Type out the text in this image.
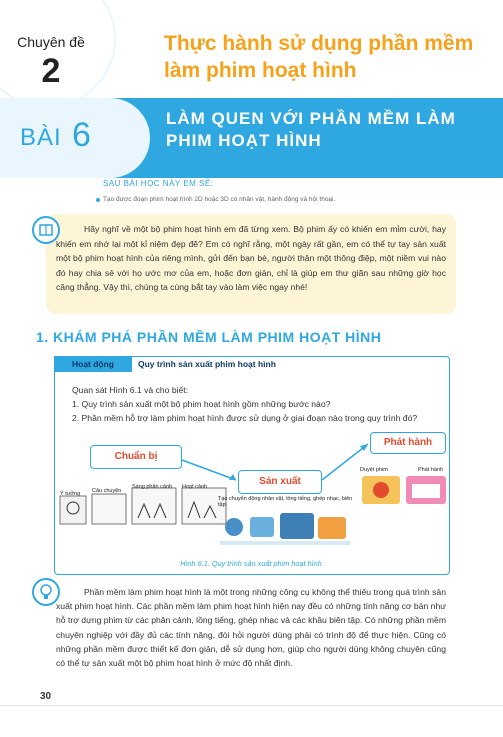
Chuyên đề
2
Thực hành sử dụng phần mềm làm phim hoạt hình
BÀI 6	LÀM QUEN VỚI PHẦN MỀM LÀM PHIM HOẠT HÌNH
SAU BÀI HỌC NÀY EM SẼ:
Tạo được đoạn phim hoạt hình 2D hoặc 3D có nhân vật, hành động và hội thoại.
Hãy nghĩ về một bộ phim hoạt hình em đã từng xem. Bộ phim ấy có khiến em mỉm cười, hay khiến em nhớ lại một kỉ niệm đẹp đẽ? Em có nghĩ rằng, một ngày rất gần, em có thể tự tay sản xuất một bộ phim hoạt hình của riêng mình, gửi đến bạn bè, người thân một thông điệp, một niềm vui nào đó hay chia sẻ với họ ước mơ của em, hoặc đơn giản, chỉ là giúp em thư giãn sau những giờ học căng thẳng. Vậy thì, chúng ta cùng bắt tay vào làm việc ngay nhé!
1. KHÁM PHÁ PHẦN MỀM LÀM PHIM HOẠT HÌNH
Hoạt động	Quy trình sản xuất phim hoạt hình
Quan sát Hình 6.1 và cho biết:
1. Quy trình sản xuất một bộ phim hoạt hình gồm những bước nào?
2. Phần mềm hỗ trợ làm phim hoạt hình được sử dụng ở giai đoạn nào trong quy trình đó?
Chuẩn bị
Sản xuất
Phát hành
Ý tưởng Câu chuyện
Sáng phân cảnh Hoạt cảnh
Tạo chuyển động nhân vật, lồng tiếng, ghép nhạc, biên tập
Duyệt phim	Phát hành
Hình 6.1. Quy trình sản xuất phim hoạt hình
Phần mềm làm phim hoạt hình là một trong những công cụ không thể thiếu trong quá trình sản xuất phim hoạt hình. Các phần mềm làm phim hoạt hình hiện nay đều có những tính năng cơ bản như hỗ trợ dựng phim từ các phân cảnh, lồng tiếng, ghép nhạc và các khâu biên tập. Có những phần mềm chuyên nghiệp với đầy đủ các tính năng, đòi hỏi người dùng phải có trình độ để thực hiện. Cũng có những phần mềm được thiết kế đơn giản, dễ sử dụng hơn, giúp cho người dùng không chuyên cũng có thể tự sản xuất một bộ phim hoạt hình ở mức độ nhất định.
30
